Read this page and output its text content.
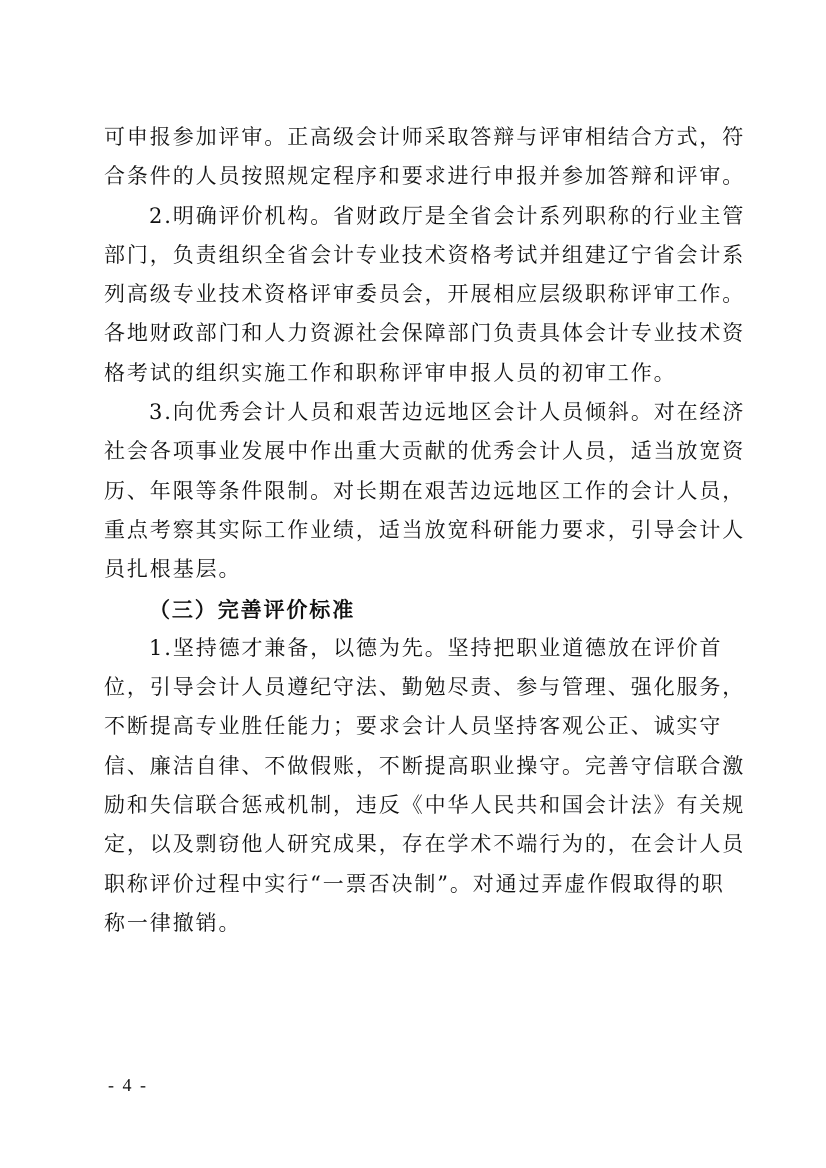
可申报参加评审。正高级会计师采取答辩与评审相结合方式，符
合条件的人员按照规定程序和要求进行申报并参加答辩和评审。
2.明确评价机构。省财政厅是全省会计系列职称的行业主管
部门，负责组织全省会计专业技术资格考试并组建辽宁省会计系
列高级专业技术资格评审委员会，开展相应层级职称评审工作。
各地财政部门和人力资源社会保障部门负责具体会计专业技术资
格考试的组织实施工作和职称评审申报人员的初审工作。
3.向优秀会计人员和艰苦边远地区会计人员倾斜。对在经济
社会各项事业发展中作出重大贡献的优秀会计人员，适当放宽资
历、年限等条件限制。对长期在艰苦边远地区工作的会计人员，
重点考察其实际工作业绩，适当放宽科研能力要求，引导会计人
员扎根基层。
（三）完善评价标准
1.坚持德才兼备，以德为先。坚持把职业道德放在评价首
位，引导会计人员遵纪守法、勤勉尽责、参与管理、强化服务，
不断提高专业胜任能力；要求会计人员坚持客观公正、诚实守
信、廉洁自律、不做假账，不断提高职业操守。完善守信联合激
励和失信联合惩戒机制，违反《中华人民共和国会计法》有关规
定，以及剽窃他人研究成果，存在学术不端行为的，在会计人员
职称评价过程中实行“一票否决制”。对通过弄虚作假取得的职
称一律撤销。
- 4 -
